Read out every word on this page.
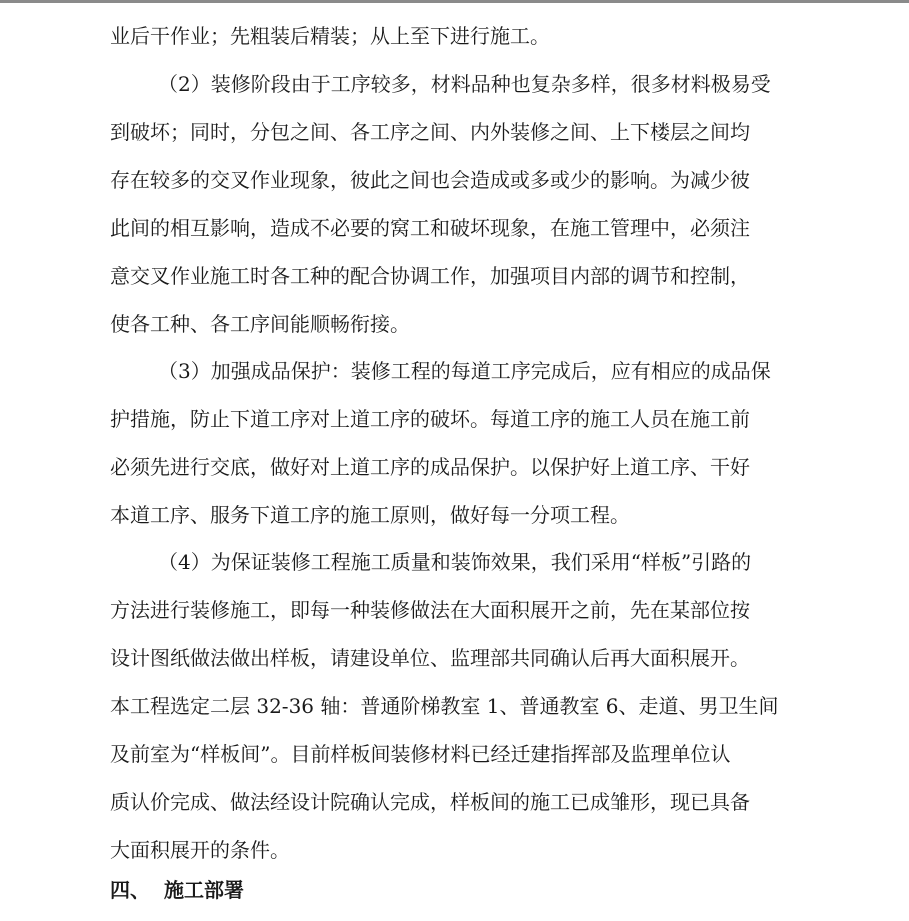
业后干作业；先粗装后精装；从上至下进行施工。
（2）装修阶段由于工序较多，材料品种也复杂多样，很多材料极易受
到破坏；同时，分包之间、各工序之间、内外装修之间、上下楼层之间均
存在较多的交叉作业现象，彼此之间也会造成或多或少的影响。为减少彼
此间的相互影响，造成不必要的窝工和破坏现象，在施工管理中，必须注
意交叉作业施工时各工种的配合协调工作，加强项目内部的调节和控制，
使各工种、各工序间能顺畅衔接。
（3）加强成品保护：装修工程的每道工序完成后，应有相应的成品保
护措施，防止下道工序对上道工序的破坏。每道工序的施工人员在施工前
必须先进行交底，做好对上道工序的成品保护。以保护好上道工序、干好
本道工序、服务下道工序的施工原则，做好每一分项工程。
（4）为保证装修工程施工质量和装饰效果，我们采用“样板”引路的
方法进行装修施工，即每一种装修做法在大面积展开之前，先在某部位按
设计图纸做法做出样板，请建设单位、监理部共同确认后再大面积展开。
本工程选定二层 32-36 轴：普通阶梯教室 1、普通教室 6、走道、男卫生间
及前室为“样板间”。目前样板间装修材料已经迁建指挥部及监理单位认
质认价完成、做法经设计院确认完成，样板间的施工已成雏形，现已具备
大面积展开的条件。
四、 施工部署
